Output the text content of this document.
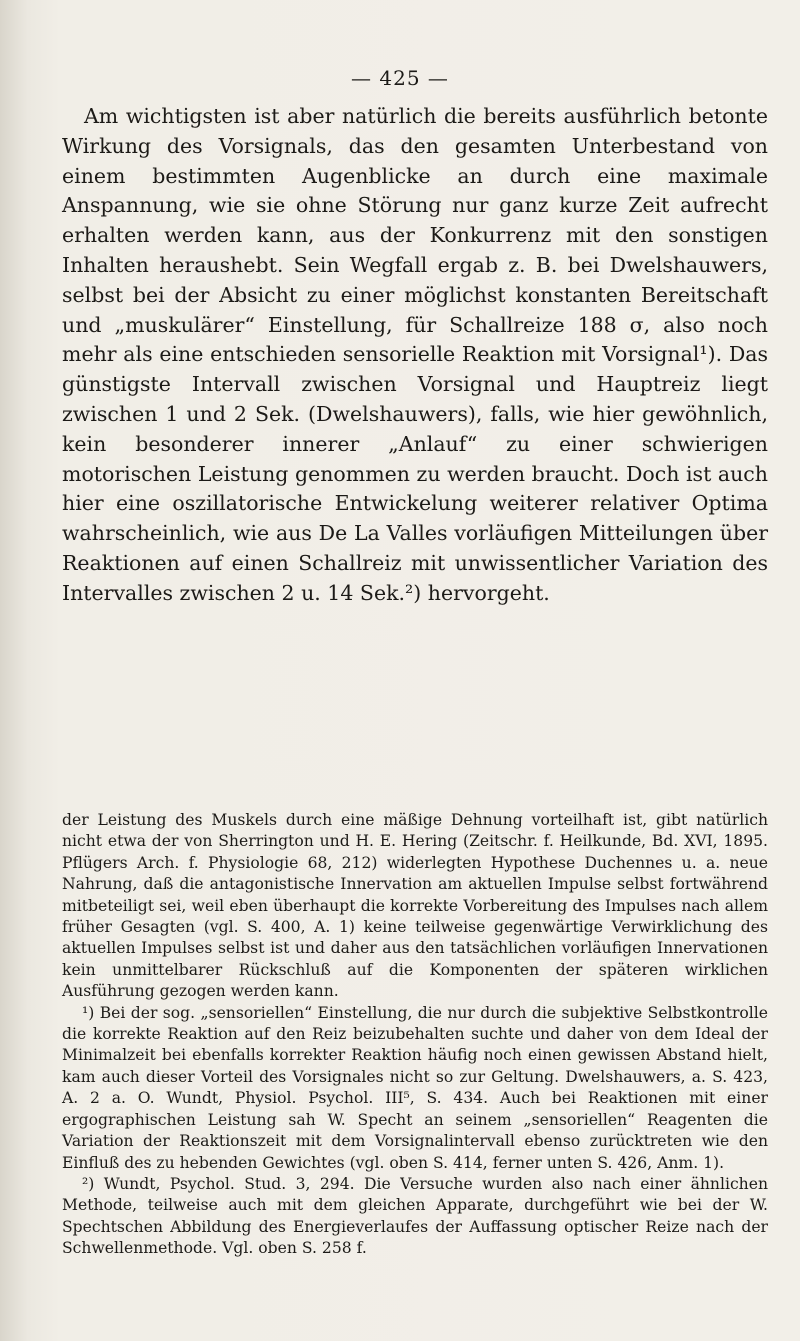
— 425 —

Am wichtigsten ist aber natürlich die bereits ausführlich betonte Wirkung des Vorsignals, das den gesamten Unterbestand von einem bestimmten Augenblicke an durch eine maximale Anspannung, wie sie ohne Störung nur ganz kurze Zeit aufrecht erhalten werden kann, aus der Konkurrenz mit den sonstigen Inhalten heraushebt. Sein Wegfall ergab z. B. bei Dwelshauwers, selbst bei der Absicht zu einer möglichst konstanten Bereitschaft und „muskulärer“ Einstellung, für Schallreize 188 σ, also noch mehr als eine entschieden sensorielle Reaktion mit Vorsignal¹). Das günstigste Intervall zwischen Vorsignal und Hauptreiz liegt zwischen 1 und 2 Sek. (Dwelshauwers), falls, wie hier gewöhnlich, kein besonderer innerer „Anlauf“ zu einer schwierigen motorischen Leistung genommen zu werden braucht. Doch ist auch hier eine oszillatorische Entwickelung weiterer relativer Optima wahrscheinlich, wie aus De La Valles vorläufigen Mitteilungen über Reaktionen auf einen Schallreiz mit unwissentlicher Variation des Intervalles zwischen 2 u. 14 Sek.²) hervorgeht.

der Leistung des Muskels durch eine mäßige Dehnung vorteilhaft ist, gibt natürlich nicht etwa der von Sherrington und H. E. Hering (Zeitschr. f. Heilkunde, Bd. XVI, 1895. Pflügers Arch. f. Physiologie 68, 212) widerlegten Hypothese Duchennes u. a. neue Nahrung, daß die antagonistische Innervation am aktuellen Impulse selbst fortwährend mitbeteiligt sei, weil eben überhaupt die korrekte Vorbereitung des Impulses nach allem früher Gesagten (vgl. S. 400, A. 1) keine teilweise gegenwärtige Verwirklichung des aktuellen Impulses selbst ist und daher aus den tatsächlichen vorläufigen Innervationen kein unmittelbarer Rückschluß auf die Komponenten der späteren wirklichen Ausführung gezogen werden kann.

¹) Bei der sog. „sensoriellen“ Einstellung, die nur durch die subjektive Selbstkontrolle die korrekte Reaktion auf den Reiz beizubehalten suchte und daher von dem Ideal der Minimalzeit bei ebenfalls korrekter Reaktion häufig noch einen gewissen Abstand hielt, kam auch dieser Vorteil des Vorsignales nicht so zur Geltung. Dwelshauwers, a. S. 423, A. 2 a. O. Wundt, Physiol. Psychol. III⁵, S. 434. Auch bei Reaktionen mit einer ergographischen Leistung sah W. Specht an seinem „sensoriellen“ Reagenten die Variation der Reaktionszeit mit dem Vorsignalintervall ebenso zurücktreten wie den Einfluß des zu hebenden Gewichtes (vgl. oben S. 414, ferner unten S. 426, Anm. 1).

²) Wundt, Psychol. Stud. 3, 294. Die Versuche wurden also nach einer ähnlichen Methode, teilweise auch mit dem gleichen Apparate, durchgeführt wie bei der W. Spechtschen Abbildung des Energieverlaufes der Auffassung optischer Reize nach der Schwellenmethode. Vgl. oben S. 258 f.
